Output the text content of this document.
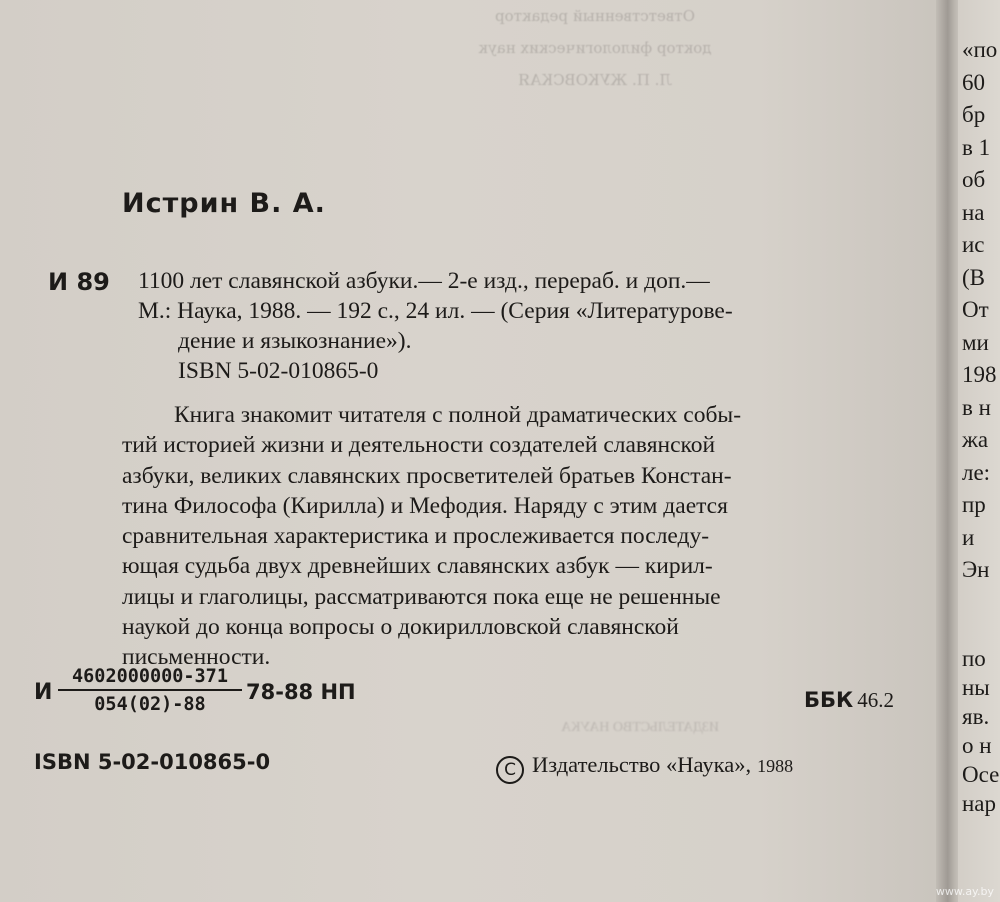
Ответственный редактор
доктор филологических наук
Л. П. ЖУКОВСКАЯ
ИЗДАТЕЛЬСТВО НАУКА
Истрин В. А.
И 89 1100 лет славянской азбуки.— 2-е изд., перераб. и доп.—
М.: Наука, 1988. — 192 с., 24 ил. — (Серия «Литературове-
дение и языкознание»).
ISBN 5-02-010865-0
Книга знакомит читателя с полной драматических собы-
тий историей жизни и деятельности создателей славянской
азбуки, великих славянских просветителей братьев Констан-
тина Философа (Кирилла) и Мефодия. Наряду с этим дается
сравнительная характеристика и прослеживается последу-
ющая судьба двух древнейших славянских азбук — кирил-
лицы и глаголицы, рассматриваются пока еще не решенные
наукой до конца вопросы о докирилловской славянской
письменности.
И $\frac{4602000000-371}{054(02)-88} 78-88$ НП	ББК 46.2
ISBN 5-02-010865-0	C Издательство «Наука», 1988
«по
60
бр
в 1
об
на
ис
(В
От
ми
198
в н
жа
ле:
пр
и
Эн
по
ны
яв.
о н
Осе
нар
www.ay.by
